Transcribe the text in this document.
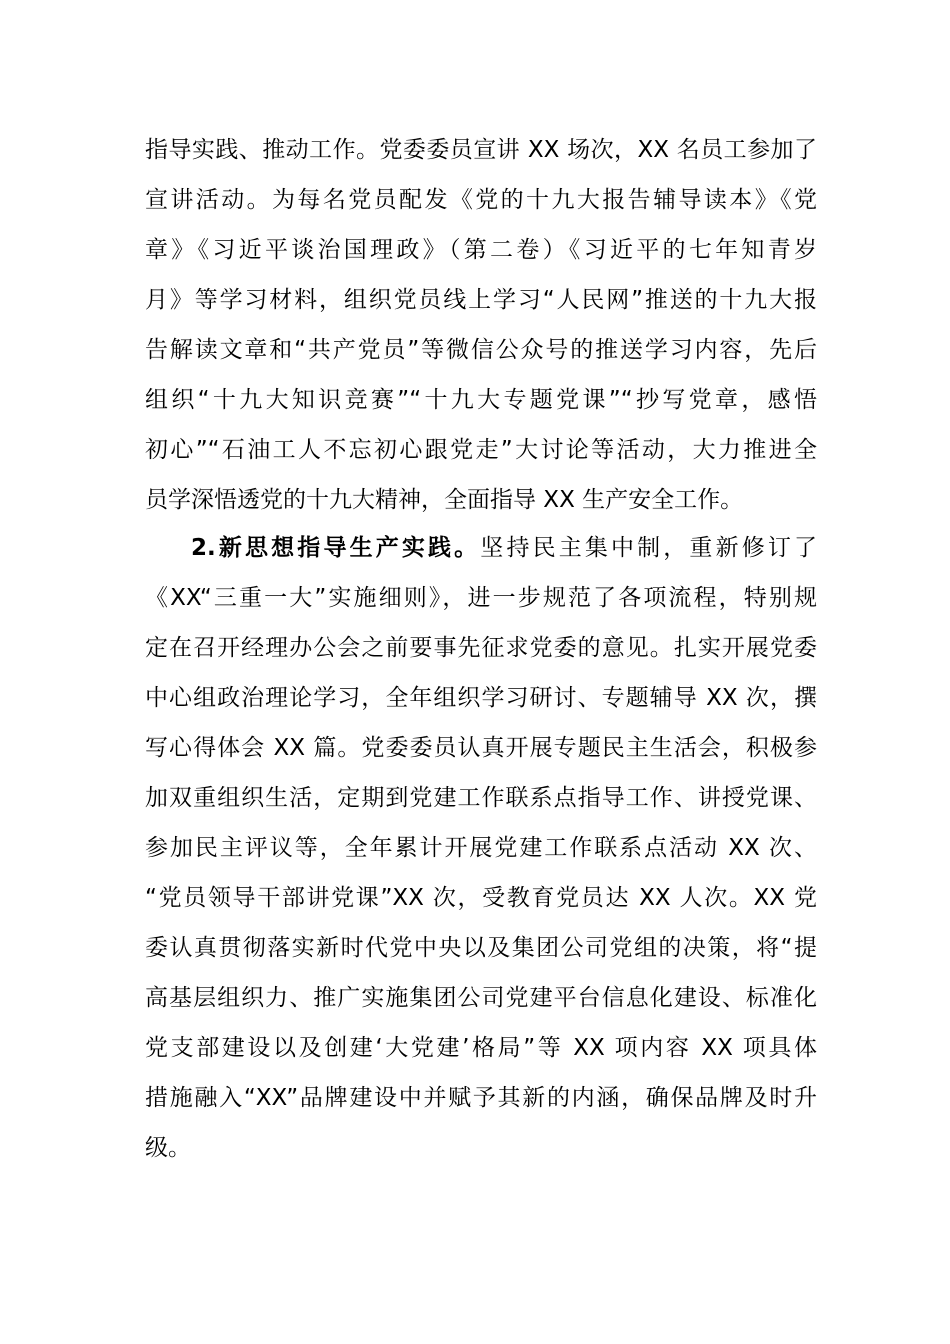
指导实践、推动工作。党委委员宣讲 XX 场次，XX 名员工参加了
宣讲活动。为每名党员配发《党的十九大报告辅导读本》《党
章》《习近平谈治国理政》（第二卷）《习近平的七年知青岁
月》等学习材料，组织党员线上学习“人民网”推送的十九大报
告解读文章和“共产党员”等微信公众号的推送学习内容，先后
组织“十九大知识竞赛”“十九大专题党课”“抄写党章，感悟
初心”“石油工人不忘初心跟党走”大讨论等活动，大力推进全
员学深悟透党的十九大精神，全面指导 XX 生产安全工作。
2.新思想指导生产实践。坚持民主集中制，重新修订了
《XX“三重一大”实施细则》，进一步规范了各项流程，特别规
定在召开经理办公会之前要事先征求党委的意见。扎实开展党委
中心组政治理论学习，全年组织学习研讨、专题辅导 XX 次，撰
写心得体会 XX 篇。党委委员认真开展专题民主生活会，积极参
加双重组织生活，定期到党建工作联系点指导工作、讲授党课、
参加民主评议等，全年累计开展党建工作联系点活动 XX 次、
“党员领导干部讲党课”XX 次，受教育党员达 XX 人次。XX 党
委认真贯彻落实新时代党中央以及集团公司党组的决策，将“提
高基层组织力、推广实施集团公司党建平台信息化建设、标准化
党支部建设以及创建‘大党建’格局”等 XX 项内容 XX 项具体
措施融入“XX”品牌建设中并赋予其新的内涵，确保品牌及时升
级。
